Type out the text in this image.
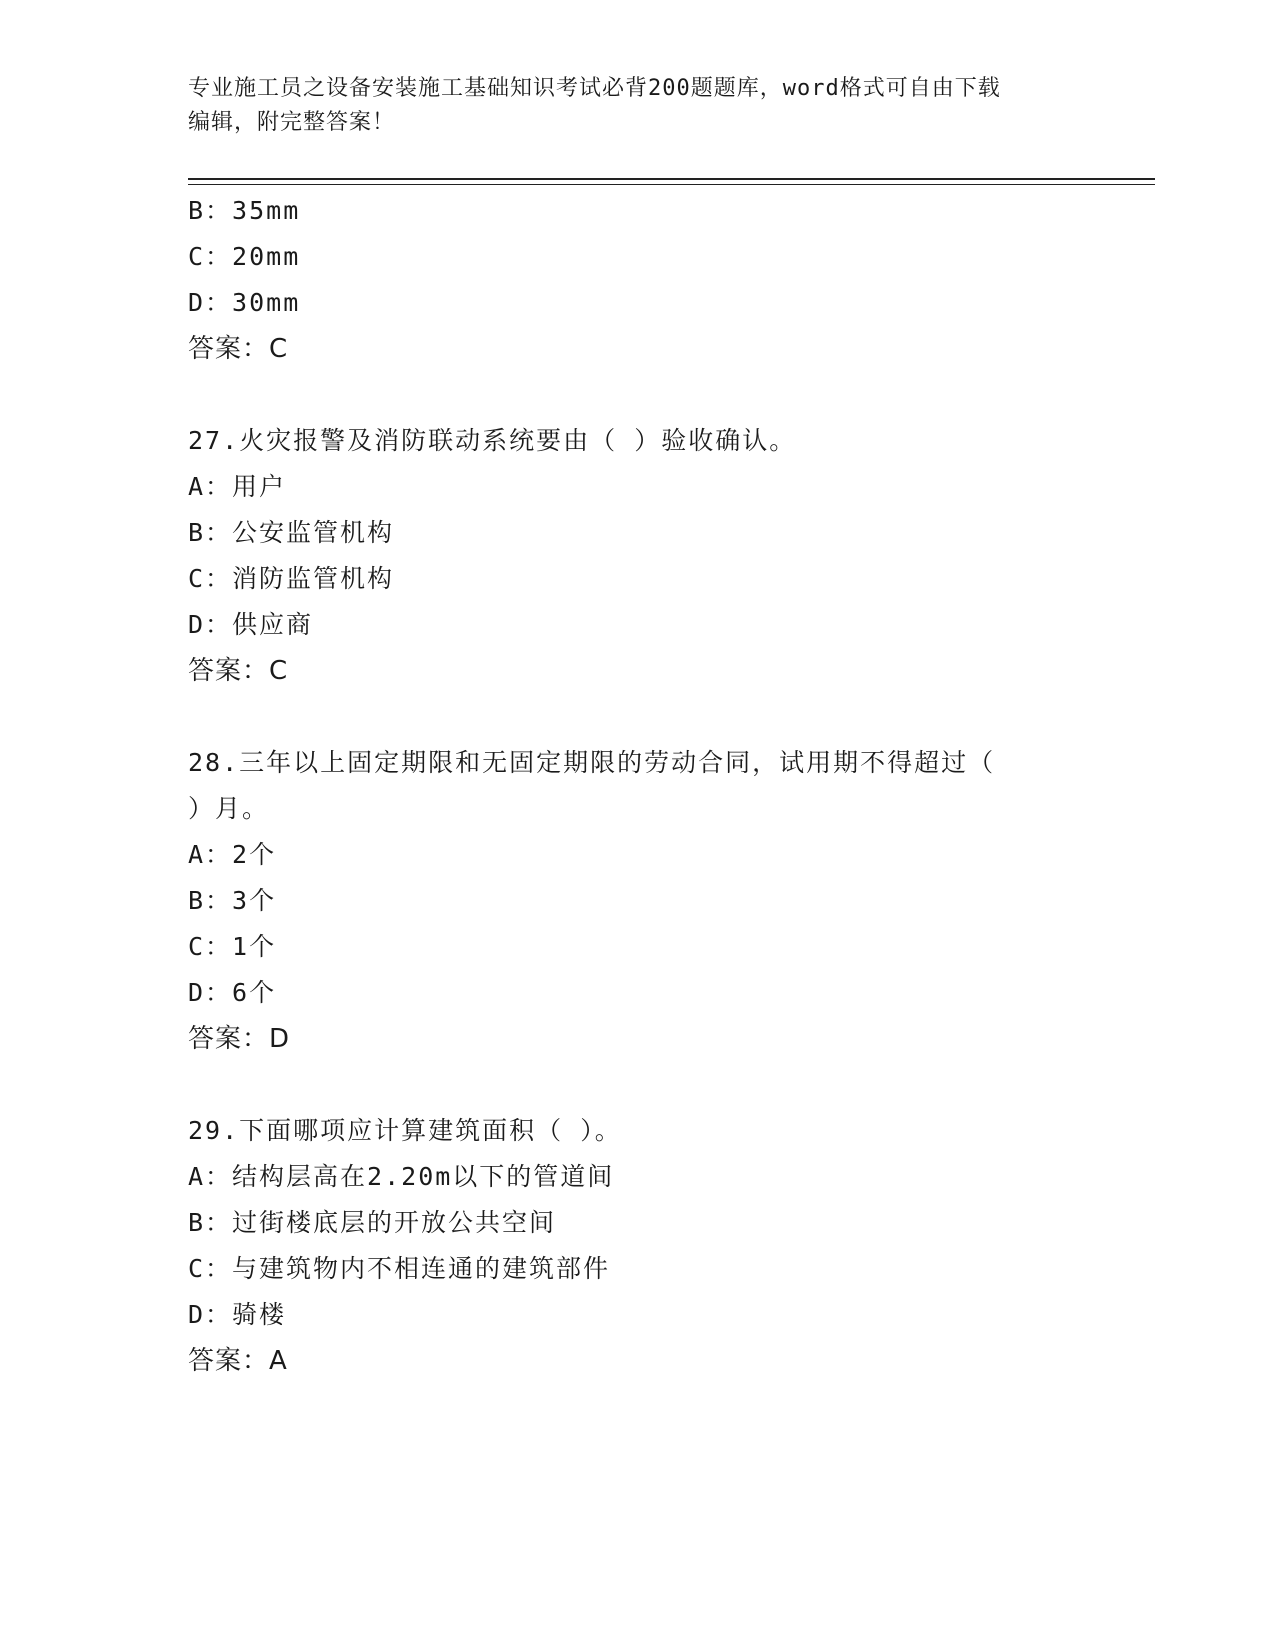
专业施工员之设备安装施工基础知识考试必背200题题库，word格式可自由下载
编辑，附完整答案！
B：35mm
C：20mm
D：30mm
答案：C
27.火灾报警及消防联动系统要由（ ）验收确认。
A：用户
B：公安监管机构
C：消防监管机构
D：供应商
答案：C
28.三年以上固定期限和无固定期限的劳动合同，试用期不得超过（
）月。
A：2个
B：3个
C：1个
D：6个
答案：D
29.下面哪项应计算建筑面积（ ）。
A：结构层高在2.20m以下的管道间
B：过街楼底层的开放公共空间
C：与建筑物内不相连通的建筑部件
D：骑楼
答案：A
